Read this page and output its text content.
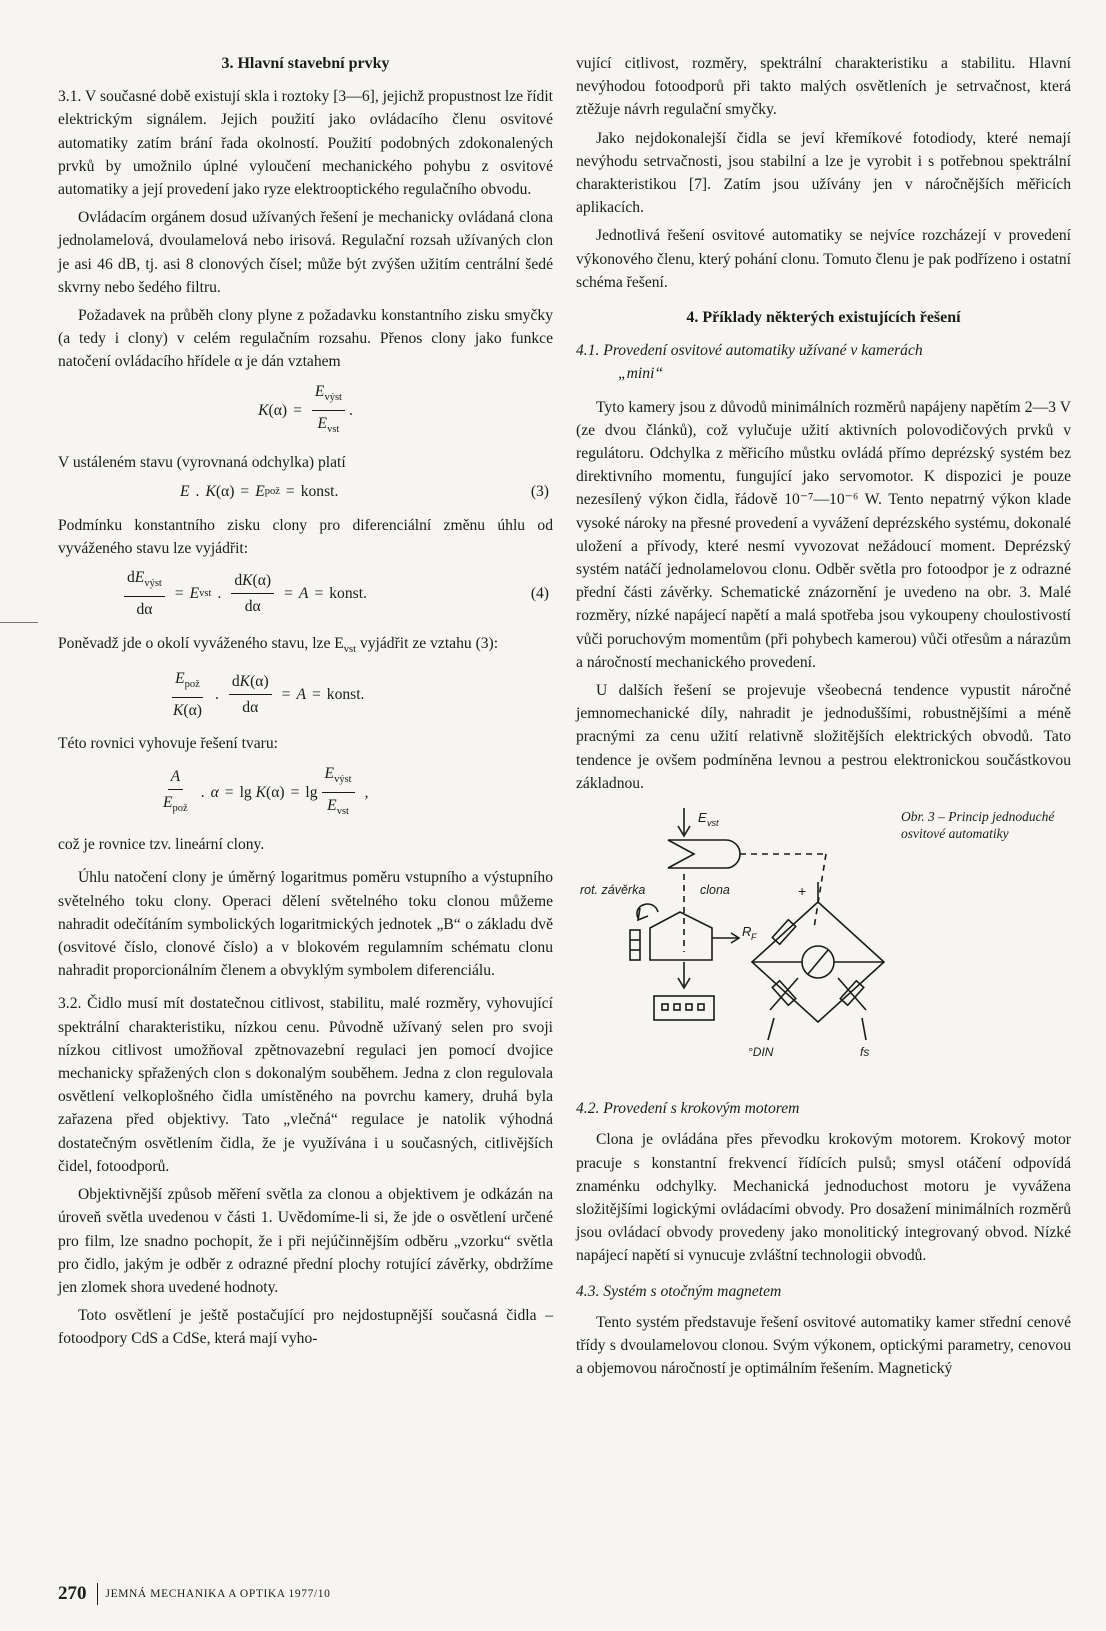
3. Hlavní stavební prvky

3.1. V současné době existují skla i roztoky [3—6], jejichž propustnost lze řídit elektrickým signálem. Jejich použití jako ovládacího členu osvitové automatiky zatím brání řada okolností. Použití podobných zdokonalených prvků by umožnilo úplné vyloučení mechanického pohybu z osvitové automatiky a její provedení jako ryze elektrooptického regulačního obvodu.

Ovládacím orgánem dosud užívaných řešení je mechanicky ovládaná clona jednolamelová, dvoulamelová nebo irisová. Regulační rozsah užívaných clon je asi 46 dB, tj. asi 8 clonových čísel; může být zvýšen užitím centrální šedé skvrny nebo šedého filtru.

Požadavek na průběh clony plyne z požadavku konstantního zisku smyčky (a tedy i clony) v celém regulačním rozsahu. Přenos clony jako funkce natočení ovládacího hřídele α je dán vztahem

K $(\alpha) = \frac{E_{výst}}{E_{vst}}$ .

V ustáleném stavu (vyrovnaná odchylka) platí

E . K (α) = E pož = konst.	(3)

Podmínku konstantního zisku clony pro diferenciální změnu úhlu od vyváženého stavu lze vyjádřit:

$\frac{dE_{výst}}{d\alpha} = E$ vst . $\frac{dK(\alpha)}{d\alpha} = A$ = konst.	(4)

Poněvadž jde o okolí vyváženého stavu, lze $E_{vst}$ vyjádřit ze vztahu (3):

$\frac{E_{pož}}{K(\alpha)}$ . $\frac{dK(\alpha)}{d\alpha} = A$ = konst.

Této rovnici vyhovuje řešení tvaru:

$\frac{A}{E_{pož}}$ . α = lg
K $(\alpha) = \lg \frac{E_{výst}}{E_{vst}}$ ,

což je rovnice tzv. lineární clony.

Úhlu natočení clony je úměrný logaritmus poměru vstupního a výstupního světelného toku clony. Operaci dělení světelného toku clonou můžeme nahradit odečítáním symbolických logaritmických jednotek „B“ o základu dvě (osvitové číslo, clonové číslo) a v blokovém regulamním schématu clonu nahradit proporcionálním členem a obvyklým symbolem diferenciálu.

3.2. Čidlo musí mít dostatečnou citlivost, stabilitu, malé rozměry, vyhovující spektrální charakteristiku, nízkou cenu. Původně užívaný selen pro svoji nízkou citlivost umožňoval zpětnovazební regulaci jen pomocí dvojice mechanicky spřažených clon s dokonalým souběhem. Jedna z clon regulovala osvětlení velkoplošného čidla umístěného na povrchu kamery, druhá byla zařazena před objektivy. Tato „vlečná“ regulace je natolik výhodná dostatečným osvětlením čidla, že je využívána i u současných, citlivějších čidel, fotoodporů.

Objektivnější způsob měření světla za clonou a objektivem je odkázán na úroveň světla uvedenou v části 1. Uvědomíme-li si, že jde o osvětlení určené pro film, lze snadno pochopit, že i při nejúčinnějším odběru „vzorku“ světla pro čidlo, jakým je odběr z odrazné přední plochy rotující závěrky, obdržíme jen zlomek shora uvedené hodnoty.

Toto osvětlení je ještě postačující pro nejdostupnější současná čidla – fotoodpory CdS a CdSe, která mají vyho-

vující citlivost, rozměry, spektrální charakteristiku a stabilitu. Hlavní nevýhodou fotoodporů při takto malých osvětleních je setrvačnost, která ztěžuje návrh regulační smyčky.

Jako nejdokonalejší čidla se jeví křemíkové fotodiody, které nemají nevýhodu setrvačnosti, jsou stabilní a lze je vyrobit i s potřebnou spektrální charakteristikou [7]. Zatím jsou užívány jen v náročnějších měřicích aplikacích.

Jednotlivá řešení osvitové automatiky se nejvíce rozcházejí v provedení výkonového členu, který pohání clonu. Tomuto členu je pak podřízeno i ostatní schéma řešení.

4. Příklady některých existujících řešení
4.1. Provedení osvitové automatiky užívané v kamerách
„mini“

Tyto kamery jsou z důvodů minimálních rozměrů napájeny napětím 2—3 V (ze dvou článků), což vylučuje užití aktivních polovodičových prvků v regulátoru. Odchylka z měřicího můstku ovládá přímo deprézský systém bez direktivního momentu, fungující jako servomotor. K dispozici je pouze nezesílený výkon čidla, řádově 10⁻⁷—10⁻⁶ W. Tento nepatrný výkon klade vysoké nároky na přesné provedení a vyvážení deprézského systému, dokonalé uložení a přívody, které nesmí vyvozovat nežádoucí moment. Deprézský systém natáčí jednolamelovou clonu. Odběr světla pro fotoodpor je z odrazné přední části závěrky. Schematické znázornění je uvedeno na obr. 3. Malé rozměry, nízké napájecí napětí a malá spotřeba jsou vykoupeny choulostivostí vůči poruchovým momentům (při pohybech kamerou) vůči otřesům a nárazům a náročností mechanického provedení.

U dalších řešení se projevuje všeobecná tendence vypustit náročné jemnomechanické díly, nahradit je jednoduššími, robustnějšími a méně pracnými za cenu užití relativně složitějších elektrických obvodů. Tato tendence je ovšem podmíněna levnou a pestrou elektronickou součástkovou základnou.

E vst
rot. závěrka	clona	+
R F
°DIN	fs
Obr. 3 – Princip jednoduché osvitové automatiky
4.2. Provedení s krokovým motorem

Clona je ovládána přes převodku krokovým motorem. Krokový motor pracuje s konstantní frekvencí řídících pulsů; smysl otáčení odpovídá znaménku odchylky. Mechanická jednoduchost motoru je vyvážena složitějšími logickými ovládacími obvody. Pro dosažení minimálních rozměrů jsou ovládací obvody provedeny jako monolitický integrovaný obvod. Nízké napájecí napětí si vynucuje zvláštní technologii obvodů.

4.3. Systém s otočným magnetem

Tento systém představuje řešení osvitové automatiky kamer střední cenové třídy s dvoulamelovou clonou. Svým výkonem, optickými parametry, cenovou a objemovou náročností je optimálním řešením. Magnetický

270 JEMNÁ MECHANIKA A OPTIKA 1977/10
